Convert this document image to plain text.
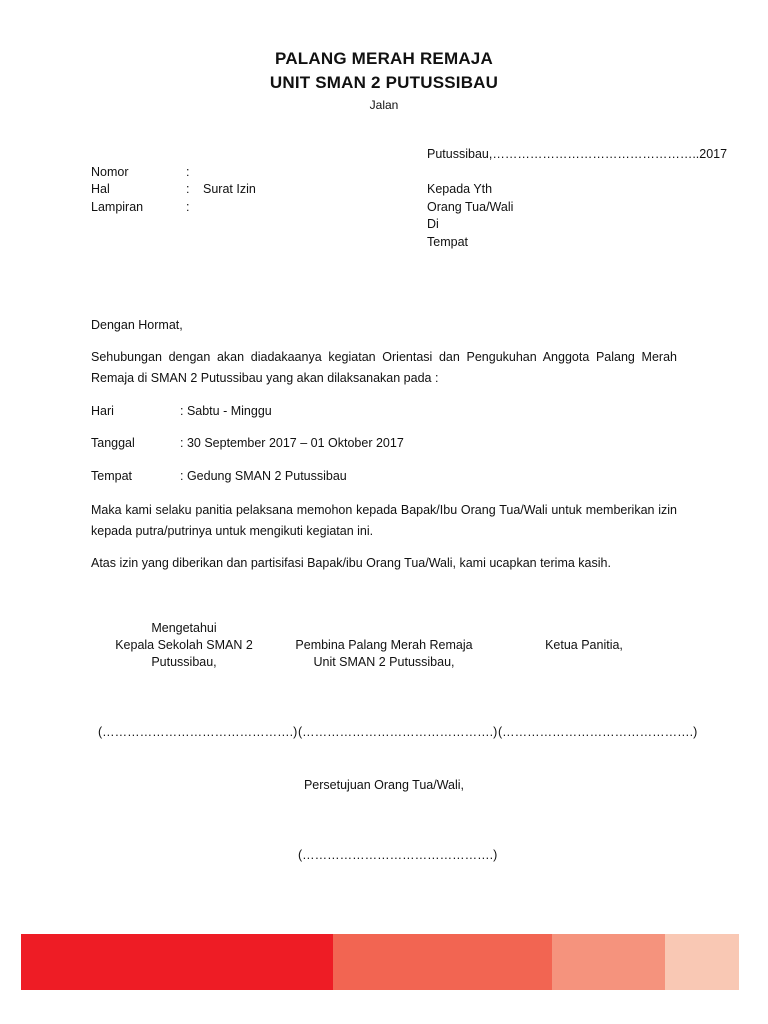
PALANG MERAH REMAJA
UNIT SMAN 2 PUTUSSIBAU
Jalan
Putussibau,…………………………………………..2017
Nomor	:
Hal	: Surat Izin
Lampiran	:
Kepada Yth
Orang Tua/Wali
Di
Tempat
Dengan Hormat,
Sehubungan dengan akan diadakaanya kegiatan Orientasi dan Pengukuhan Anggota Palang Merah Remaja di SMAN 2 Putussibau yang akan dilaksanakan pada :
Hari	: Sabtu - Minggu
Tanggal	: 30 September 2017 – 01 Oktober 2017
Tempat	: Gedung SMAN 2 Putussibau
Maka kami selaku panitia pelaksana memohon kepada Bapak/Ibu Orang Tua/Wali untuk memberikan izin kepada putra/putrinya untuk mengikuti kegiatan ini.
Atas izin yang diberikan dan partisifasi Bapak/ibu Orang Tua/Wali, kami ucapkan terima kasih.
Mengetahui
Kepala Sekolah SMAN 2
Putussibau,
(……………………………………….)
Pembina Palang Merah Remaja
Unit SMAN 2 Putussibau,
(……………………………………….)
Ketua Panitia,
(……………………………………….)
Persetujuan Orang Tua/Wali,
(……………………………………….)
